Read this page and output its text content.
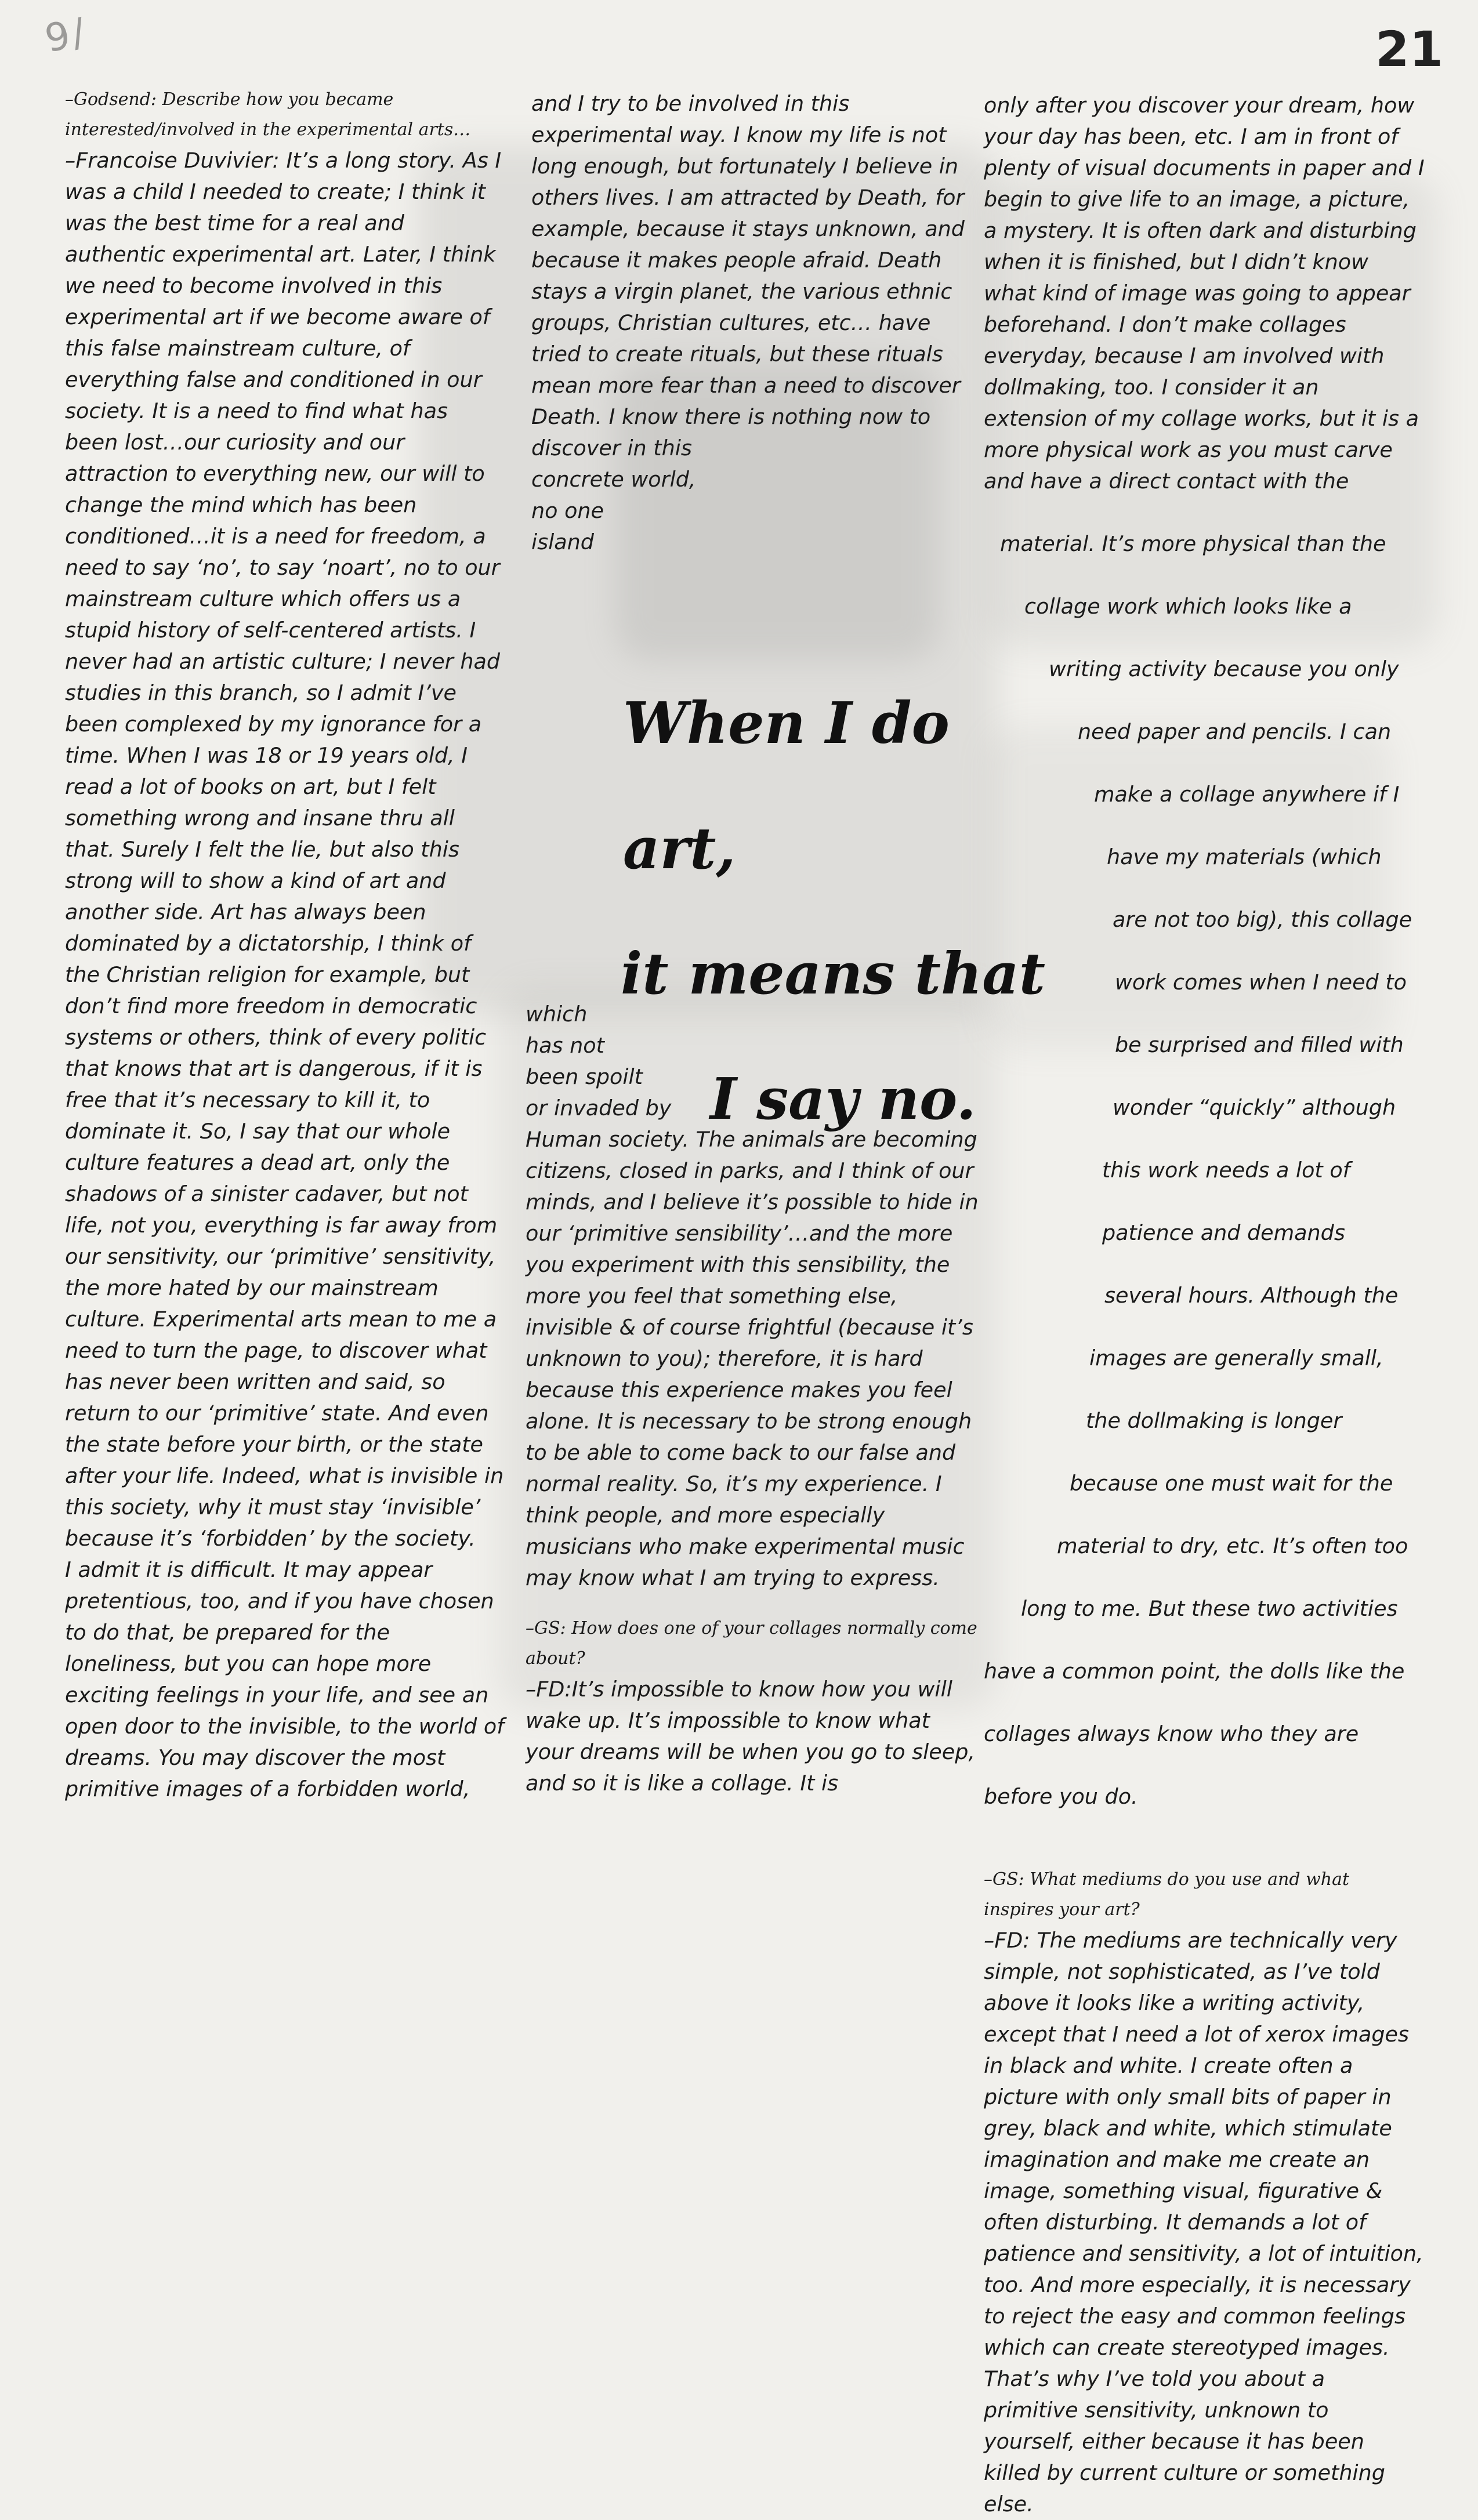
9/	21

–Godsend: Describe how you became interested/involved in the experimental arts…

–Francoise Duvivier: It’s a long story. As I was a child I needed to create; I think it was the best time for a real and authentic experimental art. Later, I think we need to become involved in this experimental art if we become aware of this false mainstream culture, of everything false and conditioned in our society. It is a need to find what has been lost…our curiosity and our attraction to everything new, our will to change the mind which has been conditioned…it is a need for freedom, a need to say ‘no’, to say ‘noart’, no to our mainstream culture which offers us a stupid history of self-centered artists. I never had an artistic culture; I never had studies in this branch, so I admit I’ve been complexed by my ignorance for a time. When I was 18 or 19 years old, I read a lot of books on art, but I felt something wrong and insane thru all that. Surely I felt the lie, but also this strong will to show a kind of art and another side. Art has always been dominated by a dictatorship, I think of the Christian religion for example, but don’t find more freedom in democratic systems or others, think of every politic that knows that art is dangerous, if it is free that it’s necessary to kill it, to dominate it. So, I say that our whole culture features a dead art, only the shadows of a sinister cadaver, but not life, not you, everything is far away from our sensitivity, our ‘primitive’ sensitivity, the more hated by our mainstream culture. Experimental arts mean to me a need to turn the page, to discover what has never been written and said, so return to our ‘primitive’ state. And even the state before your birth, or the state after your life. Indeed, what is invisible in this society, why it must stay ‘invisible’ because it’s ‘forbidden’ by the society.

I admit it is difficult. It may appear pretentious, too, and if you have chosen to do that, be prepared for the loneliness, but you can hope more exciting feelings in your life, and see an open door to the invisible, to the world of dreams. You may discover the most primitive images of a forbidden world,

and I try to be involved in this experimental way. I know my life is not long enough, but fortunately I believe in others lives. I am attracted by Death, for example, because it stays unknown, and because it makes people afraid. Death stays a virgin planet, the various ethnic groups, Christian cultures, etc… have tried to create rituals, but these rituals mean more fear than a need to discover Death. I know there is nothing now to discover in this
concrete world,
no one
island

When I do art,
it means that
I say no.

which
has not
been spoilt
or invaded by

Human society. The animals are becoming citizens, closed in parks, and I think of our minds, and I believe it’s possible to hide in our ‘primitive sensibility’…and the more you experiment with this sensibility, the more you feel that something else, invisible & of course frightful (because it’s unknown to you); therefore, it is hard because this experience makes you feel alone. It is necessary to be strong enough to be able to come back to our false and normal reality. So, it’s my experience. I think people, and more especially musicians who make experimental music may know what I am trying to express.

–GS: How does one of your collages normally come about?

–FD:It’s impossible to know how you will wake up. It’s impossible to know what your dreams will be when you go to sleep, and so it is like a collage. It is

only after you discover your dream, how your day has been, etc. I am in front of plenty of visual documents in paper and I begin to give life to an image, a picture, a mystery. It is often dark and disturbing when it is finished, but I didn’t know what kind of image was going to appear beforehand. I don’t make collages everyday, because I am involved with dollmaking, too. I consider it an extension of my collage works, but it is a more physical work as you must carve and have a direct contact with the

material. It’s more physical than the

collage work which looks like a

writing activity because you only

need paper and pencils. I can

make a collage anywhere if I

have my materials (which

are not too big), this collage

work comes when I need to

be surprised and filled with

wonder “quickly” although

this work needs a lot of

patience and demands

several hours. Although the

images are generally small,

the dollmaking is longer

because one must wait for the

material to dry, etc. It’s often too

long to me. But these two activities

have a common point, the dolls like the

collages always know who they are

before you do.

–GS: What mediums do you use and what inspires your art?

–FD: The mediums are technically very simple, not sophisticated, as I’ve told above it looks like a writing activity, except that I need a lot of xerox images in black and white. I create often a picture with only small bits of paper in grey, black and white, which stimulate imagination and make me create an image, something visual, figurative & often disturbing. It demands a lot of patience and sensitivity, a lot of intuition, too. And more especially, it is necessary to reject the easy and common feelings which can create stereotyped images. That’s why I’ve told you about a primitive sensitivity, unknown to yourself, either because it has been killed by current culture or something else.
